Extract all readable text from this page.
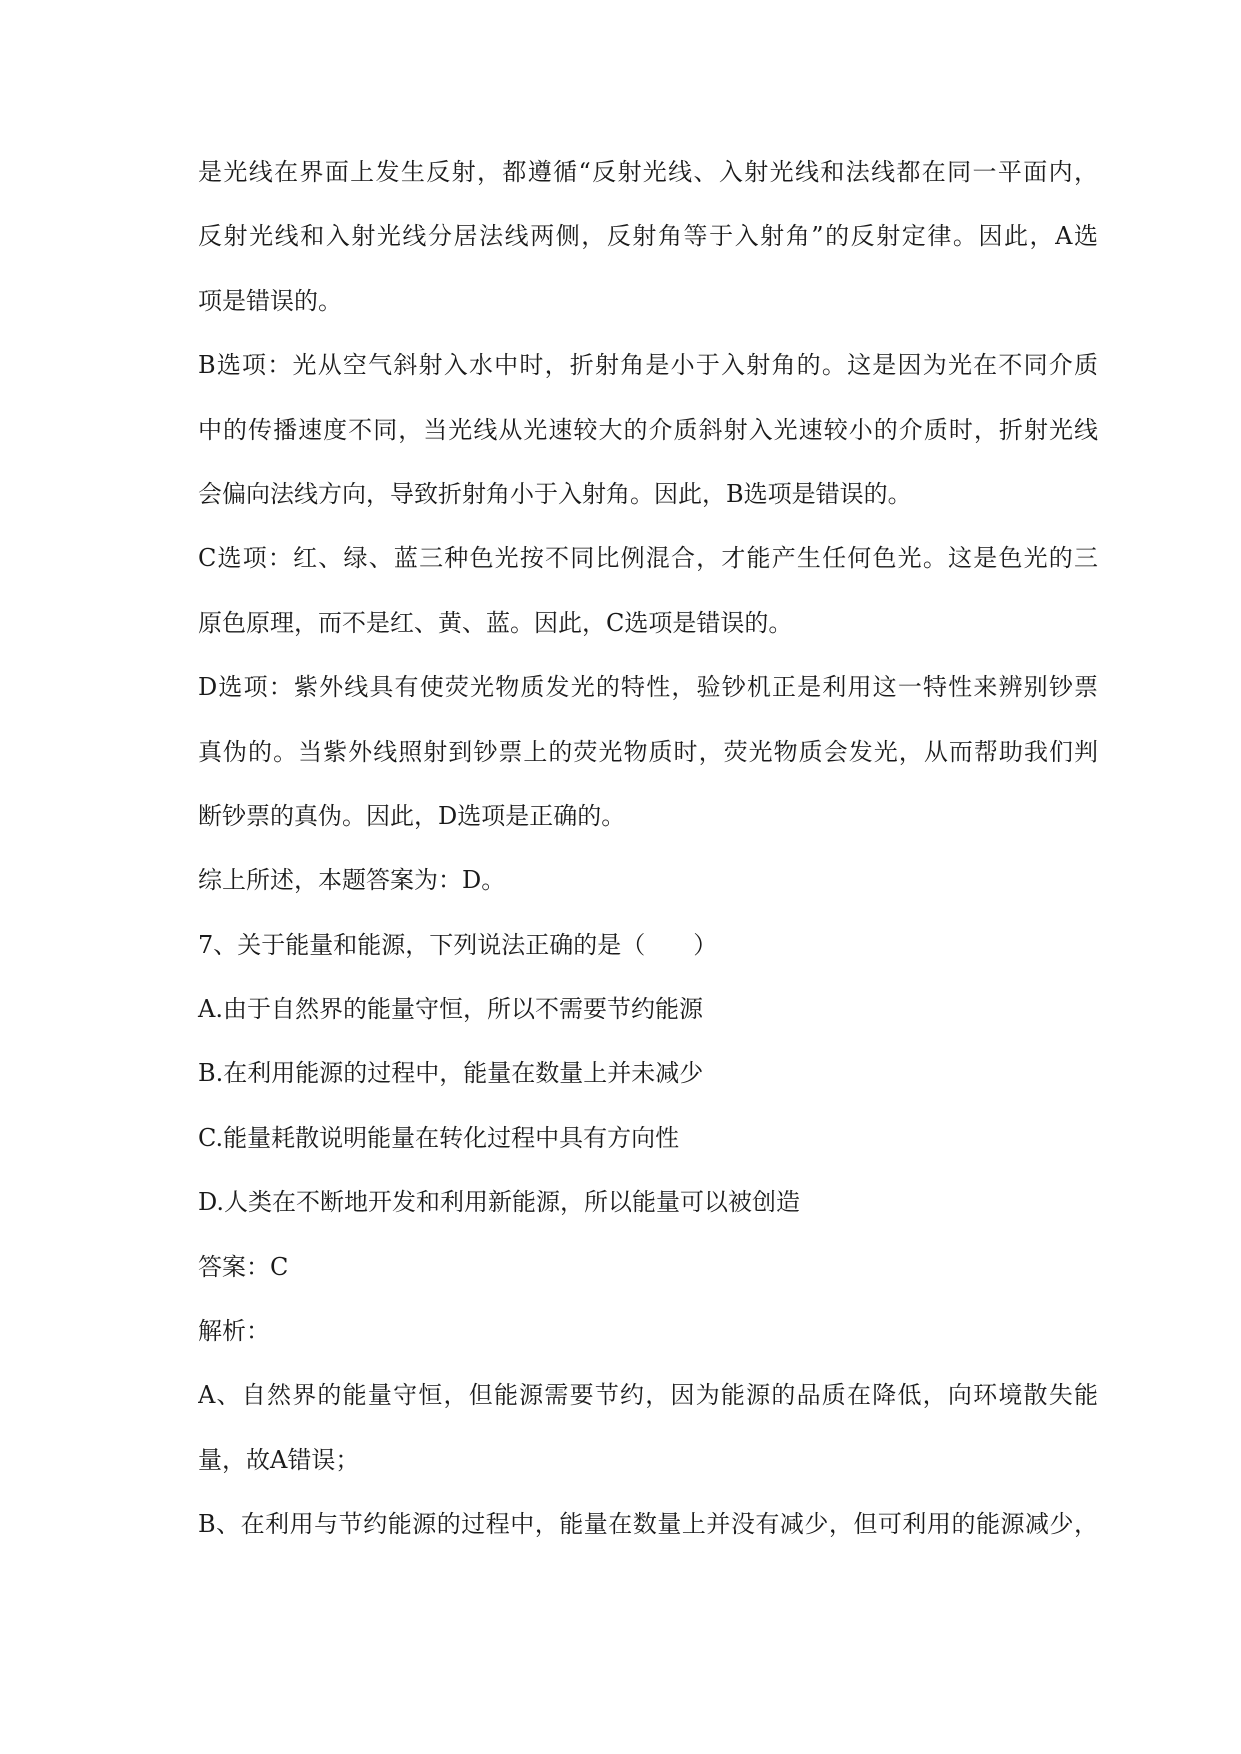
是光线在界面上发生反射，都遵循“反射光线、入射光线和法线都在同一平面内，
反射光线和入射光线分居法线两侧，反射角等于入射角”的反射定律。因此，A选
项是错误的。
B选项：光从空气斜射入水中时，折射角是小于入射角的。这是因为光在不同介质
中的传播速度不同，当光线从光速较大的介质斜射入光速较小的介质时，折射光线
会偏向法线方向，导致折射角小于入射角。因此，B选项是错误的。
C选项：红、绿、蓝三种色光按不同比例混合，才能产生任何色光。这是色光的三
原色原理，而不是红、黄、蓝。因此，C选项是错误的。
D选项：紫外线具有使荧光物质发光的特性，验钞机正是利用这一特性来辨别钞票
真伪的。当紫外线照射到钞票上的荧光物质时，荧光物质会发光，从而帮助我们判
断钞票的真伪。因此，D选项是正确的。
综上所述，本题答案为：D。
7、关于能量和能源，下列说法正确的是（　　）
A.由于自然界的能量守恒，所以不需要节约能源
B.在利用能源的过程中，能量在数量上并未减少
C.能量耗散说明能量在转化过程中具有方向性
D.人类在不断地开发和利用新能源，所以能量可以被创造
答案：C
解析：
A、自然界的能量守恒，但能源需要节约，因为能源的品质在降低，向环境散失能
量，故A错误；
B、在利用与节约能源的过程中，能量在数量上并没有减少，但可利用的能源减少，
